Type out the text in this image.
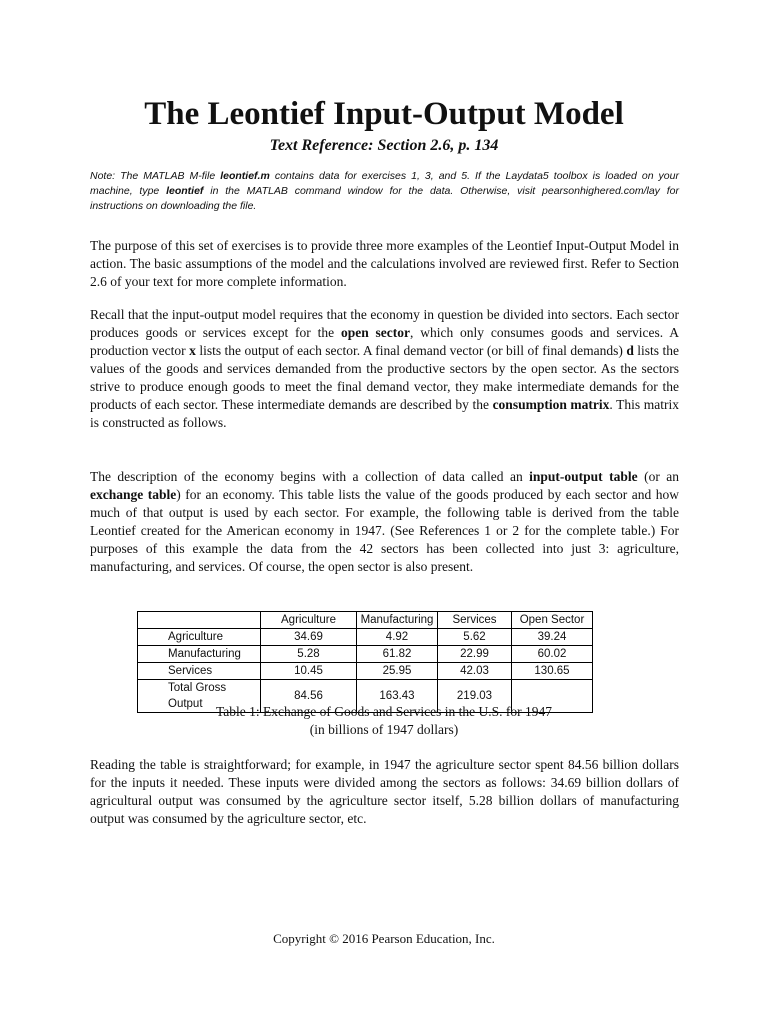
The Leontief Input-Output Model
Text Reference: Section 2.6, p. 134
Note: The MATLAB M-file leontief.m contains data for exercises 1, 3, and 5. If the Laydata5 toolbox is loaded on your machine, type leontief in the MATLAB command window for the data. Otherwise, visit pearsonhighered.com/lay for instructions on downloading the file.
The purpose of this set of exercises is to provide three more examples of the Leontief Input-Output Model in action. The basic assumptions of the model and the calculations involved are reviewed first. Refer to Section 2.6 of your text for more complete information.
Recall that the input-output model requires that the economy in question be divided into sectors. Each sector produces goods or services except for the open sector, which only consumes goods and services. A production vector x lists the output of each sector. A final demand vector (or bill of final demands) d lists the values of the goods and services demanded from the productive sectors by the open sector. As the sectors strive to produce enough goods to meet the final demand vector, they make intermediate demands for the products of each sector. These intermediate demands are described by the consumption matrix. This matrix is constructed as follows.
The description of the economy begins with a collection of data called an input-output table (or an exchange table) for an economy. This table lists the value of the goods produced by each sector and how much of that output is used by each sector. For example, the following table is derived from the table Leontief created for the American economy in 1947. (See References 1 or 2 for the complete table.) For purposes of this example the data from the 42 sectors has been collected into just 3: agriculture, manufacturing, and services. Of course, the open sector is also present.
	Agriculture	Manufacturing	Services	Open Sector
Agriculture	34.69	4.92	5.62	39.24
Manufacturing	5.28	61.82	22.99	60.02
Services	10.45	25.95	42.03	130.65
Total Gross Output	84.56	163.43	219.03	
Table 1: Exchange of Goods and Services in the U.S. for 1947
(in billions of 1947 dollars)
Reading the table is straightforward; for example, in 1947 the agriculture sector spent 84.56 billion dollars for the inputs it needed. These inputs were divided among the sectors as follows: 34.69 billion dollars of agricultural output was consumed by the agriculture sector itself, 5.28 billion dollars of manufacturing output was consumed by the agriculture sector, etc.
Copyright © 2016 Pearson Education, Inc.
